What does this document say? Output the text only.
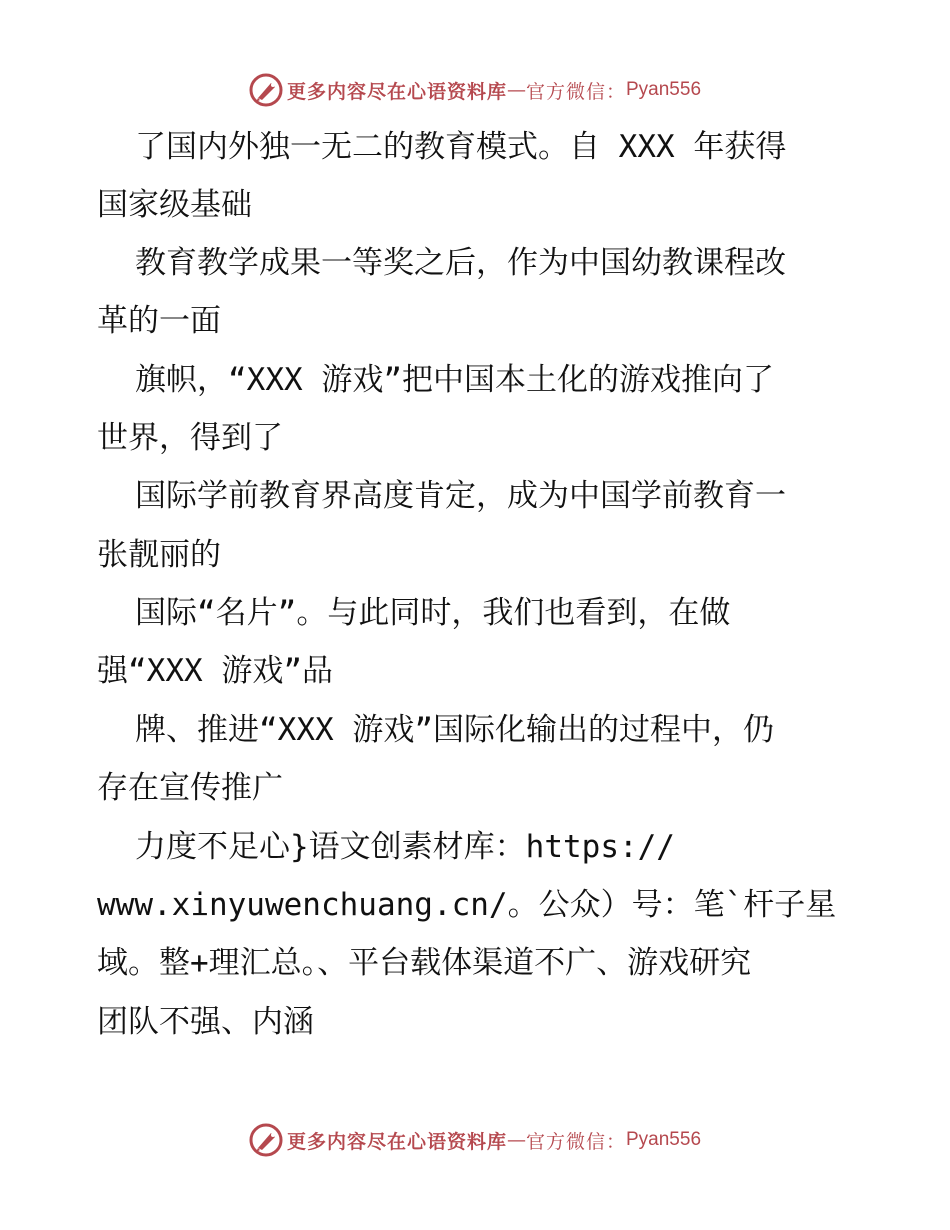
更多内容尽在心语资料库 — 官方微信： Pyan556
了国内外独一无二的教育模式。自 XXX 年获得
国家级基础
教育教学成果一等奖之后，作为中国幼教课程改
革的一面
旗帜，“XXX 游戏”把中国本土化的游戏推向了
世界，得到了
国际学前教育界高度肯定，成为中国学前教育一
张靓丽的
国际“名片”。与此同时，我们也看到，在做
强“XXX 游戏”品
牌、推进“XXX 游戏”国际化输出的过程中，仍
存在宣传推广
力度不足心}语文创素材库：https://
www.xinyuwenchuang.cn/。公众）号：笔`杆子星
域。整+理汇总。、平台载体渠道不广、游戏研究
团队不强、内涵
更多内容尽在心语资料库 — 官方微信： Pyan556
